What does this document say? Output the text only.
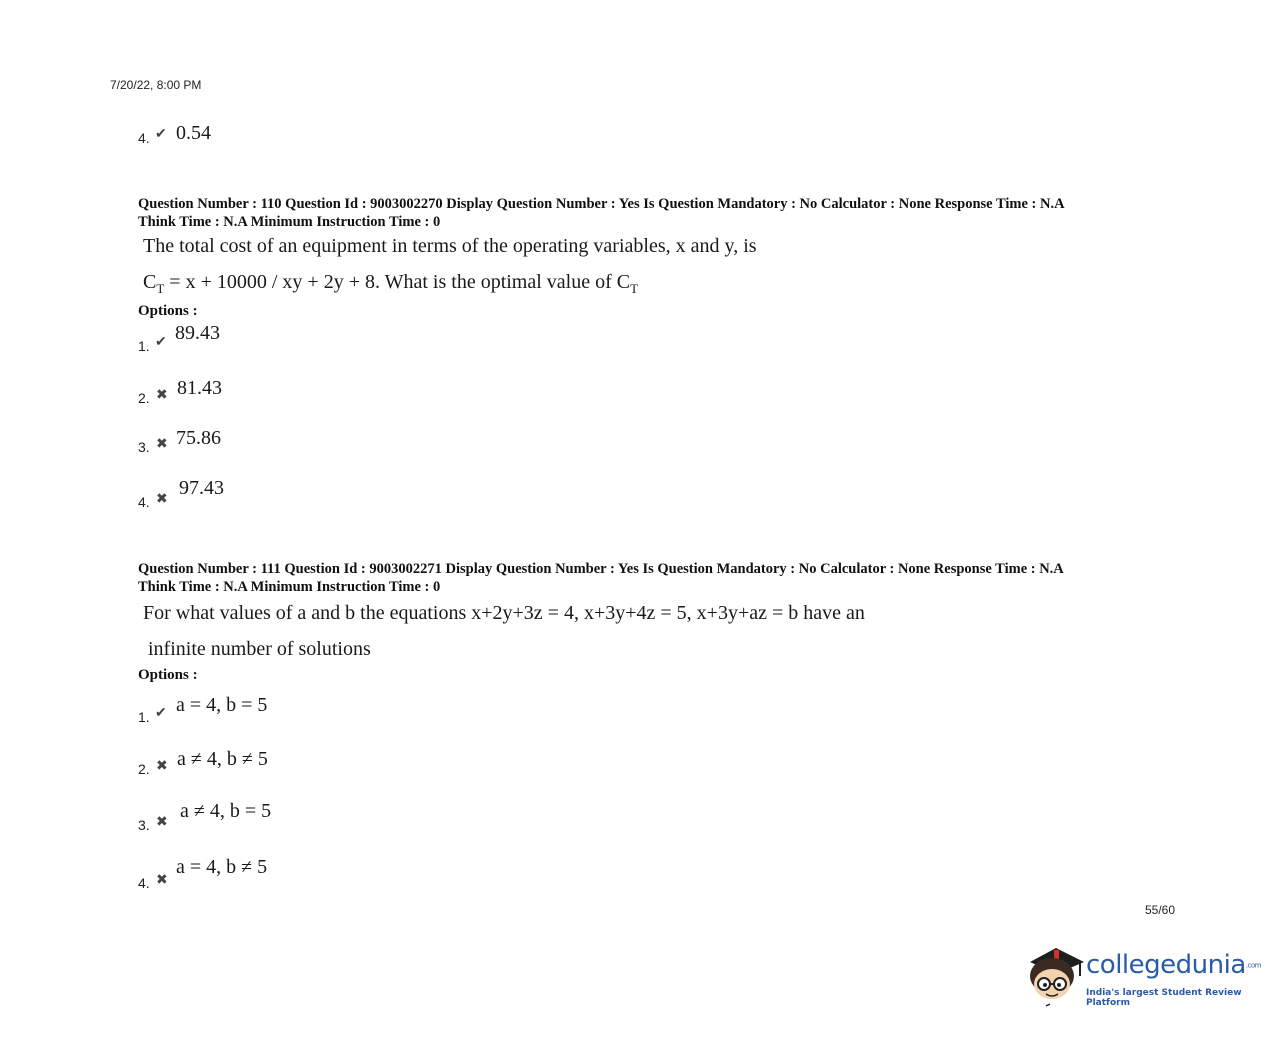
7/20/22, 8:00 PM
4. ✔ 0.54
Question Number : 110 Question Id : 9003002270 Display Question Number : Yes Is Question Mandatory : No Calculator : None Response Time : N.A
Think Time : N.A Minimum Instruction Time : 0
The total cost of an equipment in terms of the operating variables, x and y, is
$C_T = x + 10000$ / xy + 2y + 8. What is the optimal value of $C_T$
Options :
1. ✔ 89.43
2. ✖ 81.43
3. ✖ 75.86
4. ✖
97.43
Question Number : 111 Question Id : 9003002271 Display Question Number : Yes Is Question Mandatory : No Calculator : None Response Time : N.A
Think Time : N.A Minimum Instruction Time : 0
For what values of a and b the equations x+2y+3z = 4, x+3y+4z = 5, x+3y+az = b have an
infinite number of solutions
Options :
1. ✔ a = 4, b = 5
2. ✖ a ≠ 4, b ≠ 5
3. ✖
a ≠ 4, b = 5
4. ✖
a = 4, b ≠ 5
55/60
collegedunia.com
India's largest Student Review Platform
